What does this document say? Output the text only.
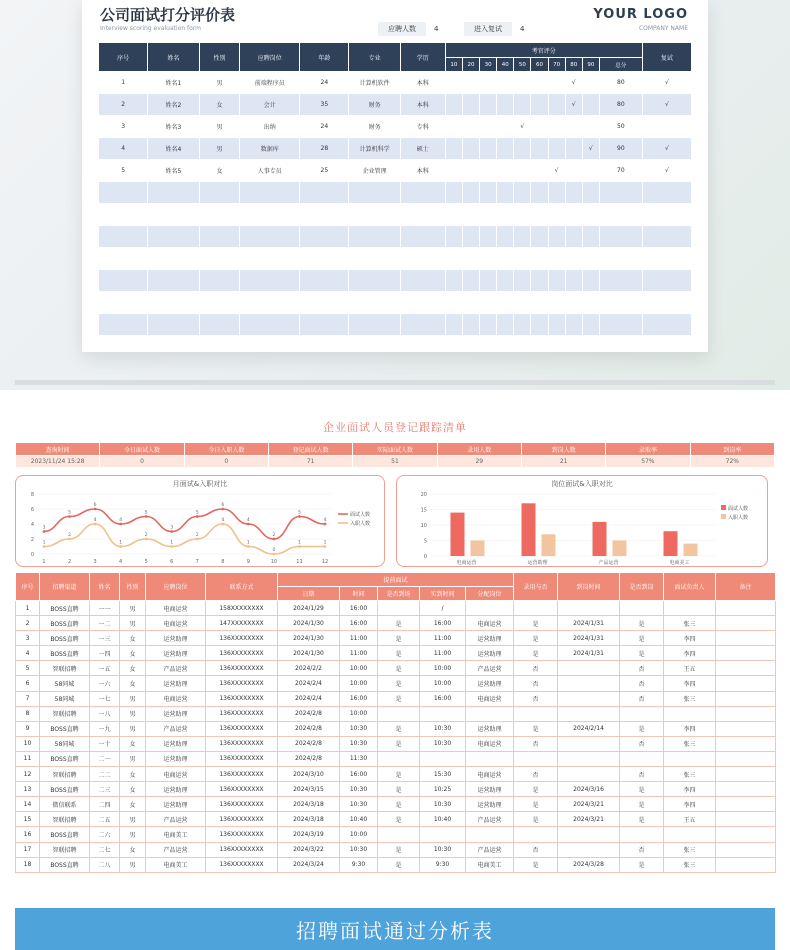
公司面试打分评价表
Interview scoring evaluation form
YOUR LOGO
COMPANY NAME
应聘人数	4	进入复试	4
序号	姓名	性别	应聘岗位	年龄	专业	学历	考官评分										复试
							10	20	30	40	50	60	70	80	90	总分	
1	姓名1	男	前端程序员	24	计算机软件	本科								√		80	√
2	姓名2	女	会计	35	财务	本科								√		80	√
3	姓名3	男	出纳	24	财务	专科					√					50	
4	姓名4	男	数据库	28	计算机科学	硕士									√	90	√
5	姓名5	女	人事专员	25	企业管理	本科							√			70	√

企业面试人员登记跟踪清单
查询时间	今日面试人数	今日入职人数	登记面试人数	实际面试人数	录用人数	到岗人数	录取率	到岗率
2023/11/24 15:28	0	0	71	51	29	21	57%	72%
月面试&入职对比
0
2
4
6
8
1	2	3	4	5	6	7	8	9	10	11	12
3
5
6
4
5
3
5
6
4
2
5
4
面试人数
1
2
4
1
2
1
2
4
1
0
1	1
入职人数
岗位面试&入职对比
0
5
10
15
20
电商运营	运营助理	产品运营	电商美工
面试人数
入职人数
序号	招聘渠道	姓名	性别	应聘岗位	联系方式	提前面试					录用与否	到岗时间	是否到岗	面试负责人	备注
						日期	时间	是否到场	实到时间	分配岗位					
1	BOSS直聘	一一	男	电商运营	158XXXXXXXX	2024/1/29	16:00		/						
2	BOSS直聘	一二	男	电商运营	147XXXXXXXX	2024/1/30	16:00	是	16:00	电商运营	是	2024/1/31	是	张三	
3	BOSS直聘	一三	女	运营助理	136XXXXXXXX	2024/1/30	11:00	是	11:00	运营助理	是	2024/1/31	是	李四	
4	BOSS直聘	一四	女	运营助理	136XXXXXXXX	2024/1/30	11:00	是	11:00	运营助理	是	2024/1/31	是	李四	
5	智联招聘	一五	女	产品运营	136XXXXXXXX	2024/2/2	10:00	是	10:00	产品运营	否		否	王五	
6	58同城	一六	女	运营助理	136XXXXXXXX	2024/2/4	10:00	是	10:00	运营助理	否		否	李四	
7	58同城	一七	男	电商运营	136XXXXXXXX	2024/2/4	16:00	是	16:00	电商运营	否		否	张三	
8	智联招聘	一八	男	运营助理	136XXXXXXXX	2024/2/8	10:00								
9	BOSS直聘	一九	男	产品运营	136XXXXXXXX	2024/2/8	10:30	是	10:30	运营助理	是	2024/2/14	是	李四	
10	58同城	一十	女	运营助理	136XXXXXXXX	2024/2/8	10:30	是	10:30	电商运营	否		否	张三	
11	BOSS直聘	二一	男	运营助理	136XXXXXXXX	2024/2/8	11:30								
12	智联招聘	二二	女	电商运营	136XXXXXXXX	2024/3/10	16:00	是	15:30	电商运营	否		否	张三	
13	BOSS直聘	二三	女	运营助理	136XXXXXXXX	2024/3/15	10:30	是	10:25	运营助理	是	2024/3/16	是	李四	
14	微信联系	二四	女	运营助理	136XXXXXXXX	2024/3/18	10:30	是	10:30	运营助理	是	2024/3/21	是	李四	
15	智联招聘	二五	男	产品运营	136XXXXXXXX	2024/3/18	10:40	是	10:40	产品运营	是	2024/3/21	是	王五	
16	BOSS直聘	二六	男	电商美工	136XXXXXXXX	2024/3/19	10:00								
17	智联招聘	二七	女	产品运营	136XXXXXXXX	2024/3/22	10:30	是	10:30	产品运营	否		否	张三	
18	BOSS直聘	二八	男	电商美工	136XXXXXXXX	2024/3/24	9:30	是	9:30	电商美工	是	2024/3/28	是	张三	
招聘面试通过分析表
